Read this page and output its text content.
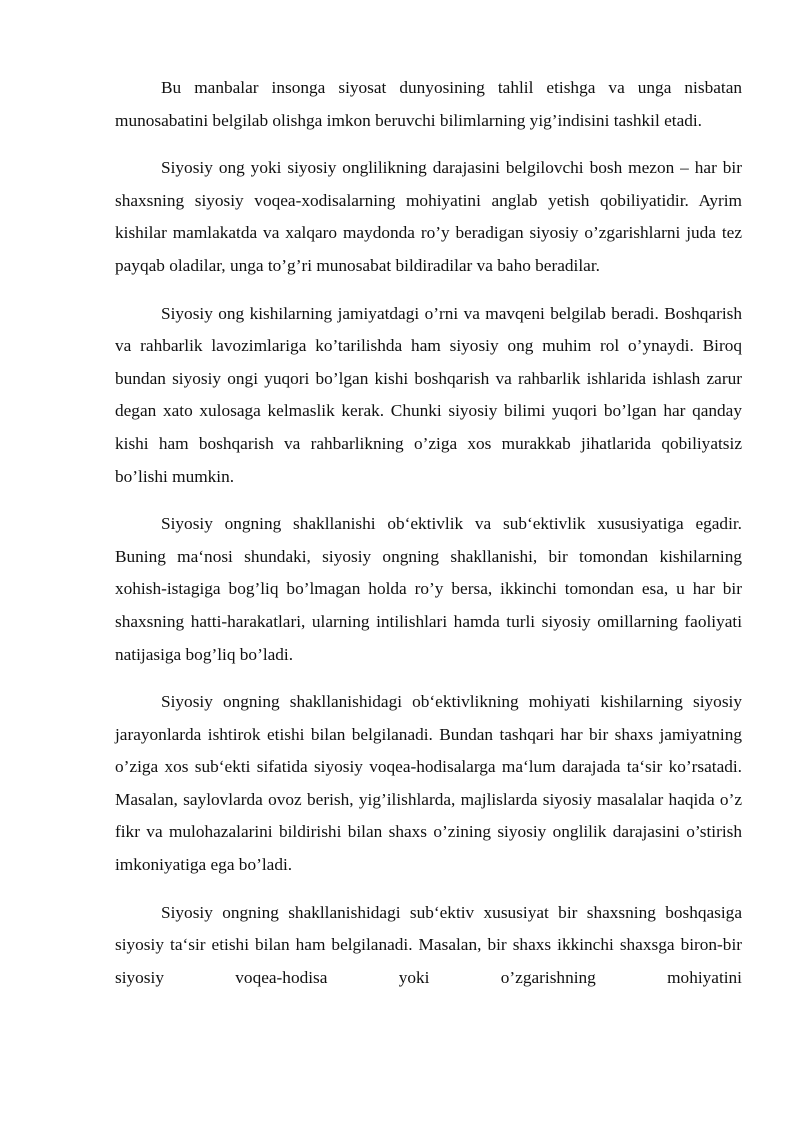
Bu manbalar insonga siyosat dunyosining tahlil etishga va unga nisbatan munosabatini belgilab olishga imkon beruvchi bilimlarning yig’indisini tashkil etadi.

Siyosiy ong yoki siyosiy onglilikning darajasini belgilovchi bosh mezon – har bir shaxsning siyosiy voqea-xodisalarning mohiyatini anglab yetish qobiliyatidir. Ayrim kishilar mamlakatda va xalqaro maydonda ro’y beradigan siyosiy o’zgarishlarni juda tez payqab oladilar, unga to’g’ri munosabat bildiradilar va baho beradilar.

Siyosiy ong kishilarning jamiyatdagi o’rni va mavqeni belgilab beradi. Boshqarish va rahbarlik lavozimlariga ko’tarilishda ham siyosiy ong muhim rol o’ynaydi. Biroq bundan siyosiy ongi yuqori bo’lgan kishi boshqarish va rahbarlik ishlarida ishlash zarur degan xato xulosaga kelmaslik kerak. Chunki siyosiy bilimi yuqori bo’lgan har qanday kishi ham boshqarish va rahbarlikning o’ziga xos murakkab jihatlarida qobiliyatsiz bo’lishi mumkin.

Siyosiy ongning shakllanishi ob‘ektivlik va sub‘ektivlik xususiyatiga egadir. Buning ma‘nosi shundaki, siyosiy ongning shakllanishi, bir tomondan kishilarning xohish-istagiga bog’liq bo’lmagan holda ro’y bersa, ikkinchi tomondan esa, u har bir shaxsning hatti-harakatlari, ularning intilishlari hamda turli siyosiy omillarning faoliyati natijasiga bog’liq bo’ladi.

Siyosiy ongning shakllanishidagi ob‘ektivlikning mohiyati kishilarning siyosiy jarayonlarda ishtirok etishi bilan belgilanadi. Bundan tashqari har bir shaxs jamiyatning o’ziga xos sub‘ekti sifatida siyosiy voqea-hodisalarga ma‘lum darajada ta‘sir ko’rsatadi. Masalan, saylovlarda ovoz berish, yig’ilishlarda, majlislarda siyosiy masalalar haqida o’z fikr va mulohazalarini bildirishi bilan shaxs o’zining siyosiy onglilik darajasini o’stirish imkoniyatiga ega bo’ladi.

Siyosiy ongning shakllanishidagi sub‘ektiv xususiyat bir shaxsning boshqasiga siyosiy ta‘sir etishi bilan ham belgilanadi. Masalan, bir shaxs ikkinchi shaxsga biron-bir siyosiy voqea-hodisa yoki o’zgarishning mohiyatini
